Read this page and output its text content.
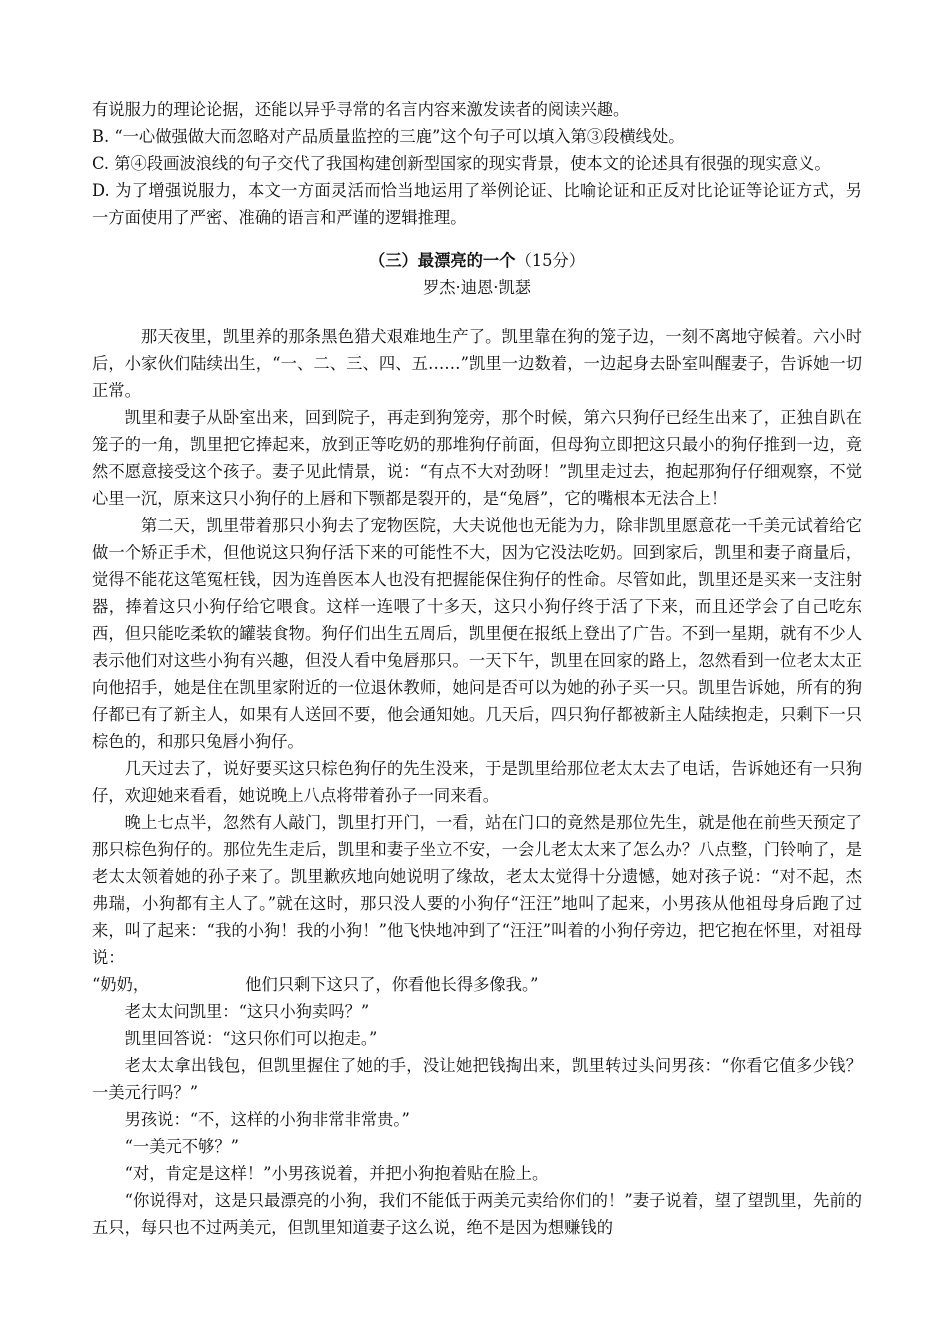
有说服力的理论论据，还能以异乎寻常的名言内容来激发读者的阅读兴趣。

B. “一心做强做大而忽略对产品质量监控的三鹿”这个句子可以填入第③段横线处。

C. 第④段画波浪线的句子交代了我国构建创新型国家的现实背景，使本文的论述具有很强的现实意义。

D. 为了增强说服力，本文一方面灵活而恰当地运用了举例论证、比喻论证和正反对比论证等论证方式，另一方面使用了严密、准确的语言和严谨的逻辑推理。

（三）最漂亮的一个（15分）
罗杰·迪恩·凯瑟

那天夜里，凯里养的那条黑色猎犬艰难地生产了。凯里靠在狗的笼子边，一刻不离地守候着。六小时后，小家伙们陆续出生，“一、二、三、四、五……”凯里一边数着，一边起身去卧室叫醒妻子，告诉她一切正常。

凯里和妻子从卧室出来，回到院子，再走到狗笼旁，那个时候，第六只狗仔已经生出来了，正独自趴在笼子的一角，凯里把它捧起来，放到正等吃奶的那堆狗仔前面，但母狗立即把这只最小的狗仔推到一边，竟然不愿意接受这个孩子。妻子见此情景，说：“有点不大对劲呀！”凯里走过去，抱起那狗仔仔细观察，不觉心里一沉，原来这只小狗仔的上唇和下颚都是裂开的，是“兔唇”，它的嘴根本无法合上！

第二天，凯里带着那只小狗去了宠物医院，大夫说他也无能为力，除非凯里愿意花一千美元试着给它做一个矫正手术，但他说这只狗仔活下来的可能性不大，因为它没法吃奶。回到家后，凯里和妻子商量后，觉得不能花这笔冤枉钱，因为连兽医本人也没有把握能保住狗仔的性命。尽管如此，凯里还是买来一支注射器，捧着这只小狗仔给它喂食。这样一连喂了十多天，这只小狗仔终于活了下来，而且还学会了自己吃东西，但只能吃柔软的罐装食物。狗仔们出生五周后，凯里便在报纸上登出了广告。不到一星期，就有不少人表示他们对这些小狗有兴趣，但没人看中兔唇那只。一天下午，凯里在回家的路上，忽然看到一位老太太正向他招手，她是住在凯里家附近的一位退休教师，她问是否可以为她的孙子买一只。凯里告诉她，所有的狗仔都已有了新主人，如果有人送回不要，他会通知她。几天后，四只狗仔都被新主人陆续抱走，只剩下一只棕色的，和那只兔唇小狗仔。

几天过去了，说好要买这只棕色狗仔的先生没来，于是凯里给那位老太太去了电话，告诉她还有一只狗仔，欢迎她来看看，她说晚上八点将带着孙子一同来看。

晚上七点半，忽然有人敲门，凯里打开门，一看，站在门口的竟然是那位先生，就是他在前些天预定了那只棕色狗仔的。那位先生走后，凯里和妻子坐立不安，一会儿老太太来了怎么办？八点整，门铃响了，是老太太领着她的孙子来了。凯里歉疚地向她说明了缘故，老太太觉得十分遗憾，她对孩子说：“对不起，杰弗瑞，小狗都有主人了。”就在这时，那只没人要的小狗仔“汪汪”地叫了起来，小男孩从他祖母身后跑了过来，叫了起来：“我的小狗！我的小狗！”他飞快地冲到了“汪汪”叫着的小狗仔旁边，把它抱在怀里，对祖母说：

“奶奶，	他们只剩下这只了，你看他长得多像我。”

老太太问凯里：“这只小狗卖吗？”

凯里回答说：“这只你们可以抱走。”

老太太拿出钱包，但凯里握住了她的手，没让她把钱掏出来，凯里转过头问男孩：“你看它值多少钱？一美元行吗？”

男孩说：“不，这样的小狗非常非常贵。”

“一美元不够？”

“对，肯定是这样！”小男孩说着，并把小狗抱着贴在脸上。

“你说得对，这是只最漂亮的小狗，我们不能低于两美元卖给你们的！”妻子说着，望了望凯里，先前的五只，每只也不过两美元，但凯里知道妻子这么说，绝不是因为想赚钱的
